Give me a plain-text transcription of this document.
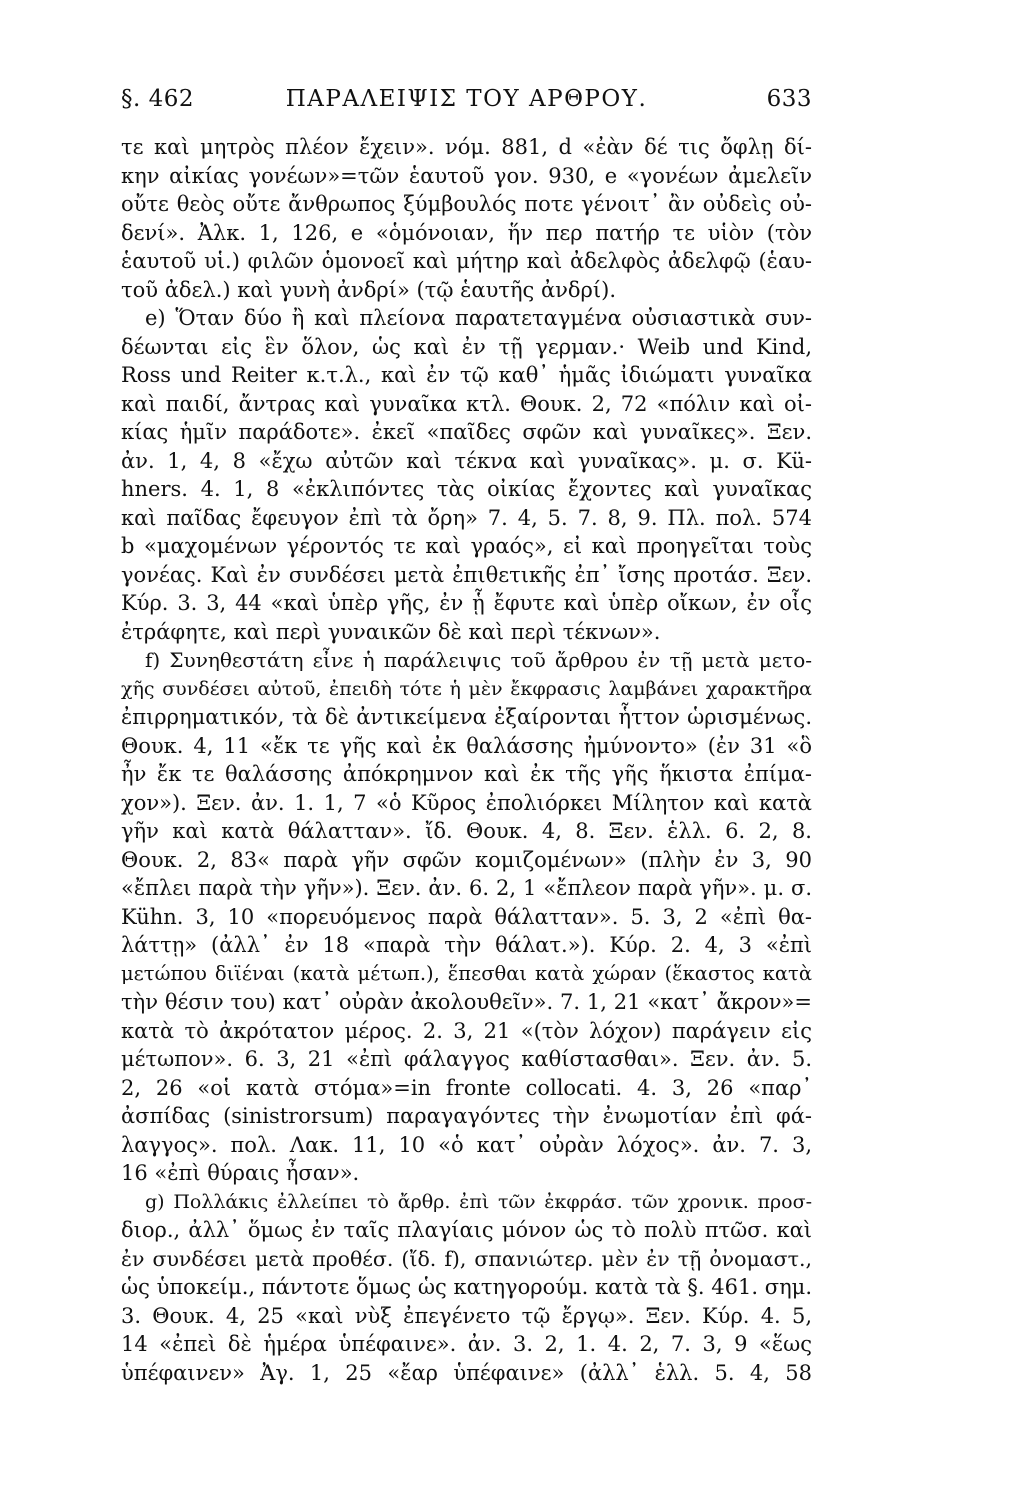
§. 462	ΠΑΡΑΛΕΙΨΙΣ ΤΟΥ ΑΡΘΡΟΥ.	633
τε καὶ μητρὸς πλέον ἔχειν». νόμ. 881, d «ἐὰν δέ τις ὄφλῃ δί-
κην αἰκίας γονέων»=τῶν ἑαυτοῦ γον. 930, e «γονέων ἀμελεῖν
οὔτε θεὸς οὔτε ἄνθρωπος ξύμβουλός ποτε γένοιτ᾽ ἂν οὐδεὶς οὐ-
δενί». Ἀλκ. 1, 126, e «ὁμόνοιαν, ἥν περ πατήρ τε υἱὸν (τὸν
ἑαυτοῦ υἱ.) φιλῶν ὁμονοεῖ καὶ μήτηρ καὶ ἀδελφὸς ἀδελφῷ (ἑαυ-
τοῦ ἀδελ.) καὶ γυνὴ ἀνδρί» (τῷ ἑαυτῆς ἀνδρί).
e) Ὅταν δύο ἢ καὶ πλείονα παρατεταγμένα οὐσιαστικὰ συν-
δέωνται εἰς ἓν ὅλον, ὡς καὶ ἐν τῇ γερμαν.· Weib und Kind,
Ross und Reiter κ.τ.λ., καὶ ἐν τῷ καθ᾽ ἡμᾶς ἰδιώματι γυναῖκα
καὶ παιδί, ἄντρας καὶ γυναῖκα κτλ. Θουκ. 2, 72 «πόλιν καὶ οἰ-
κίας ἡμῖν παράδοτε». ἐκεῖ «παῖδες σφῶν καὶ γυναῖκες». Ξεν.
ἀν. 1, 4, 8 «ἔχω αὐτῶν καὶ τέκνα καὶ γυναῖκας». μ. σ. Kü-
hners. 4. 1, 8 «ἐκλιπόντες τὰς οἰκίας ἔχοντες καὶ γυναῖκας
καὶ παῖδας ἔφευγον ἐπὶ τὰ ὄρη» 7. 4, 5. 7. 8, 9. Πλ. πολ. 574
b «μαχομένων γέροντός τε καὶ γραός», εἰ καὶ προηγεῖται τοὺς
γονέας. Καὶ ἐν συνδέσει μετὰ ἐπιθετικῆς ἐπ᾽ ἴσης προτάσ. Ξεν.
Κύρ. 3. 3, 44 «καὶ ὑπὲρ γῆς, ἐν ᾗ ἔφυτε καὶ ὑπὲρ οἴκων, ἐν οἷς
ἐτράφητε, καὶ περὶ γυναικῶν δὲ καὶ περὶ τέκνων».
f) Συνηθεστάτη εἶνε ἡ παράλειψις τοῦ ἄρθρου ἐν τῇ μετὰ μετο-
χῆς συνδέσει αὐτοῦ, ἐπειδὴ τότε ἡ μὲν ἔκφρασις λαμβάνει χαρακτῆρα
ἐπιρρηματικόν, τὰ δὲ ἀντικείμενα ἐξαίρονται ἧττον ὡρισμένως.
Θουκ. 4, 11 «ἔκ τε γῆς καὶ ἐκ θαλάσσης ἠμύνοντο» (ἐν 31 «ὃ
ἦν ἔκ τε θαλάσσης ἀπόκρημνον καὶ ἐκ τῆς γῆς ἥκιστα ἐπίμα-
χον»). Ξεν. ἀν. 1. 1, 7 «ὁ Κῦρος ἐπολιόρκει Μίλητον καὶ κατὰ
γῆν καὶ κατὰ θάλατταν». ἴδ. Θουκ. 4, 8. Ξεν. ἑλλ. 6. 2, 8.
Θουκ. 2, 83« παρὰ γῆν σφῶν κομιζομένων» (πλὴν ἐν 3, 90
«ἔπλει παρὰ τὴν γῆν»). Ξεν. ἀν. 6. 2, 1 «ἔπλεον παρὰ γῆν». μ. σ.
Kühn. 3, 10 «πορευόμενος παρὰ θάλατταν». 5. 3, 2 «ἐπὶ θα-
λάττῃ» (ἀλλ᾽ ἐν 18 «παρὰ τὴν θάλατ.»). Κύρ. 2. 4, 3 «ἐπὶ
μετώπου διϊέναι (κατὰ μέτωπ.), ἕπεσθαι κατὰ χώραν (ἕκαστος κατὰ
τὴν θέσιν του) κατ᾽ οὐρὰν ἀκολουθεῖν». 7. 1, 21 «κατ᾽ ἄκρον»=
κατὰ τὸ ἀκρότατον μέρος. 2. 3, 21 «(τὸν λόχον) παράγειν εἰς
μέτωπον». 6. 3, 21 «ἐπὶ φάλαγγος καθίστασθαι». Ξεν. ἀν. 5.
2, 26 «οἱ κατὰ στόμα»=in fronte collocati. 4. 3, 26 «παρ᾽
ἀσπίδας (sinistrorsum) παραγαγόντες τὴν ἐνωμοτίαν ἐπὶ φά-
λαγγος». πολ. Λακ. 11, 10 «ὁ κατ᾽ οὐρὰν λόχος». ἀν. 7. 3,
16 «ἐπὶ θύραις ἦσαν».
g) Πολλάκις ἐλλείπει τὸ ἄρθρ. ἐπὶ τῶν ἐκφράσ. τῶν χρονικ. προσ-
διορ., ἀλλ᾽ ὅμως ἐν ταῖς πλαγίαις μόνον ὡς τὸ πολὺ πτῶσ. καὶ
ἐν συνδέσει μετὰ προθέσ. (ἴδ. f), σπανιώτερ. μὲν ἐν τῇ ὀνομαστ.,
ὡς ὑποκείμ., πάντοτε ὅμως ὡς κατηγορούμ. κατὰ τὰ §. 461. σημ.
3. Θουκ. 4, 25 «καὶ νὺξ ἐπεγένετο τῷ ἔργῳ». Ξεν. Κύρ. 4. 5,
14 «ἐπεὶ δὲ ἡμέρα ὑπέφαινε». ἀν. 3. 2, 1. 4. 2, 7. 3, 9 «ἕως
ὑπέφαινεν» Ἀγ. 1, 25 «ἔαρ ὑπέφαινε» (ἀλλ᾽ ἑλλ. 5. 4, 58
